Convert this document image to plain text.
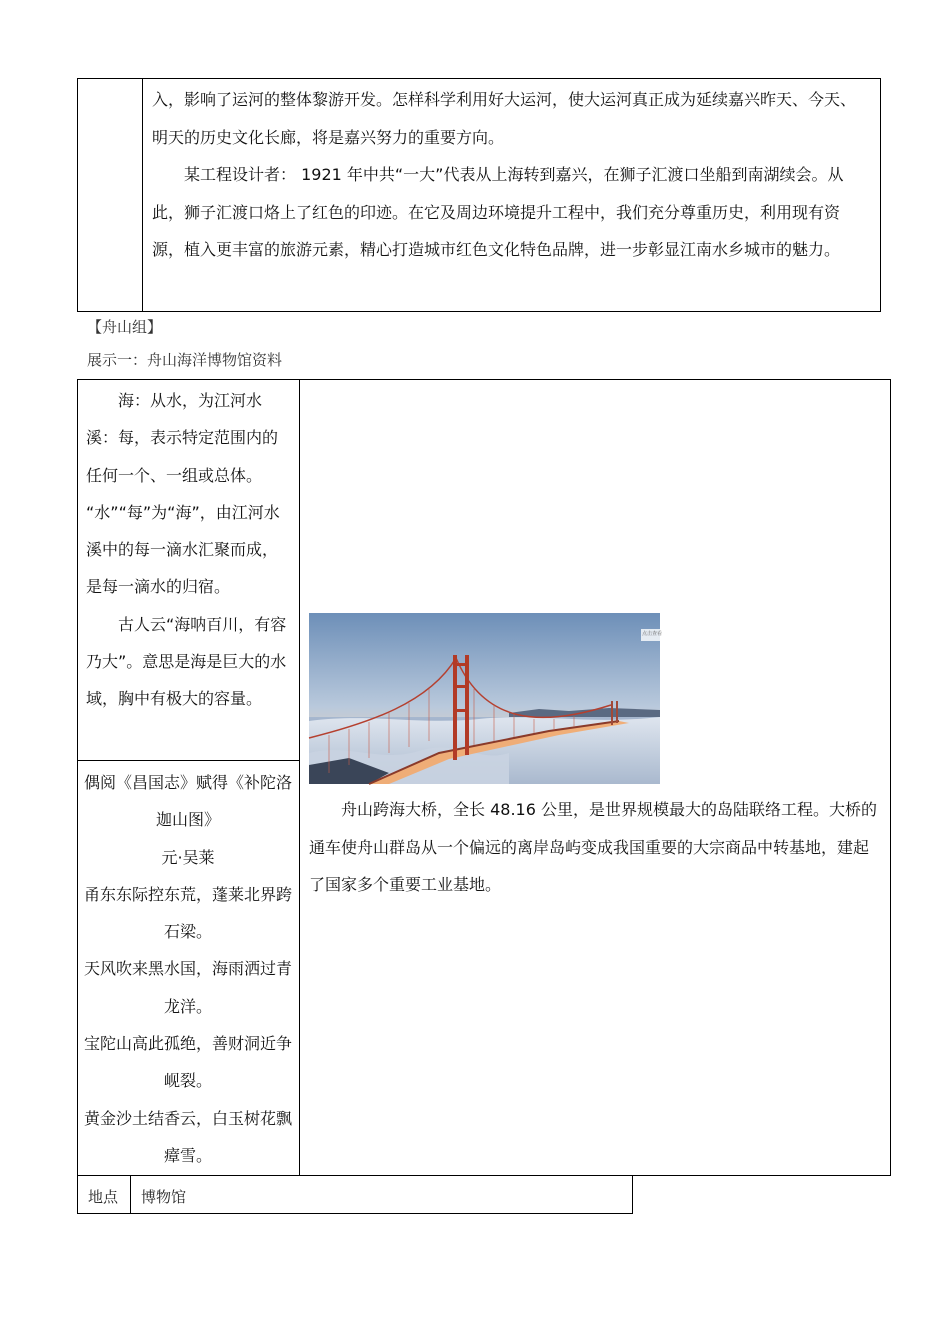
入，影响了运河的整体黎游开发。怎样科学利用好大运河，使大运河真正成为延续嘉兴昨天、今天、明天的历史文化长廊，将是嘉兴努力的重要方向。

某工程设计者： 1921 年中共“一大”代表从上海转到嘉兴，在狮子汇渡口坐船到南湖续会。从此，狮子汇渡口烙上了红色的印迹。在它及周边环境提升工程中，我们充分尊重历史，利用现有资源，植入更丰富的旅游元素，精心打造城市红色文化特色品牌，进一步彰显江南水乡城市的魅力。

【舟山组】
展示一：舟山海洋博物馆资料

海：从水，为江河水溪：每，表示特定范围内的任何一个、一组或总体。

“水”“每”为“海”，由江河水溪中的每一滴水汇聚而成，是每一滴水的归宿。

古人云“海呐百川，有容乃大”。意思是海是巨大的水域，胸中有极大的容量。

偶阅《昌国志》赋得《补陀洛迦山图》

元·吴莱

甬东东际控东荒，蓬莱北界跨石梁。

天风吹来黑水国，海雨洒过青龙洋。

宝陀山高此孤绝，善财洞近争岘裂。

黄金沙土结香云，白玉树花飘瘴雪。

点击查看

舟山跨海大桥，全长 48.16 公里，是世界规模最大的岛陆联络工程。大桥的通车使舟山群岛从一个偏远的离岸岛屿变成我国重要的大宗商品中转基地，建起了国家多个重要工业基地。

地点 博物馆
